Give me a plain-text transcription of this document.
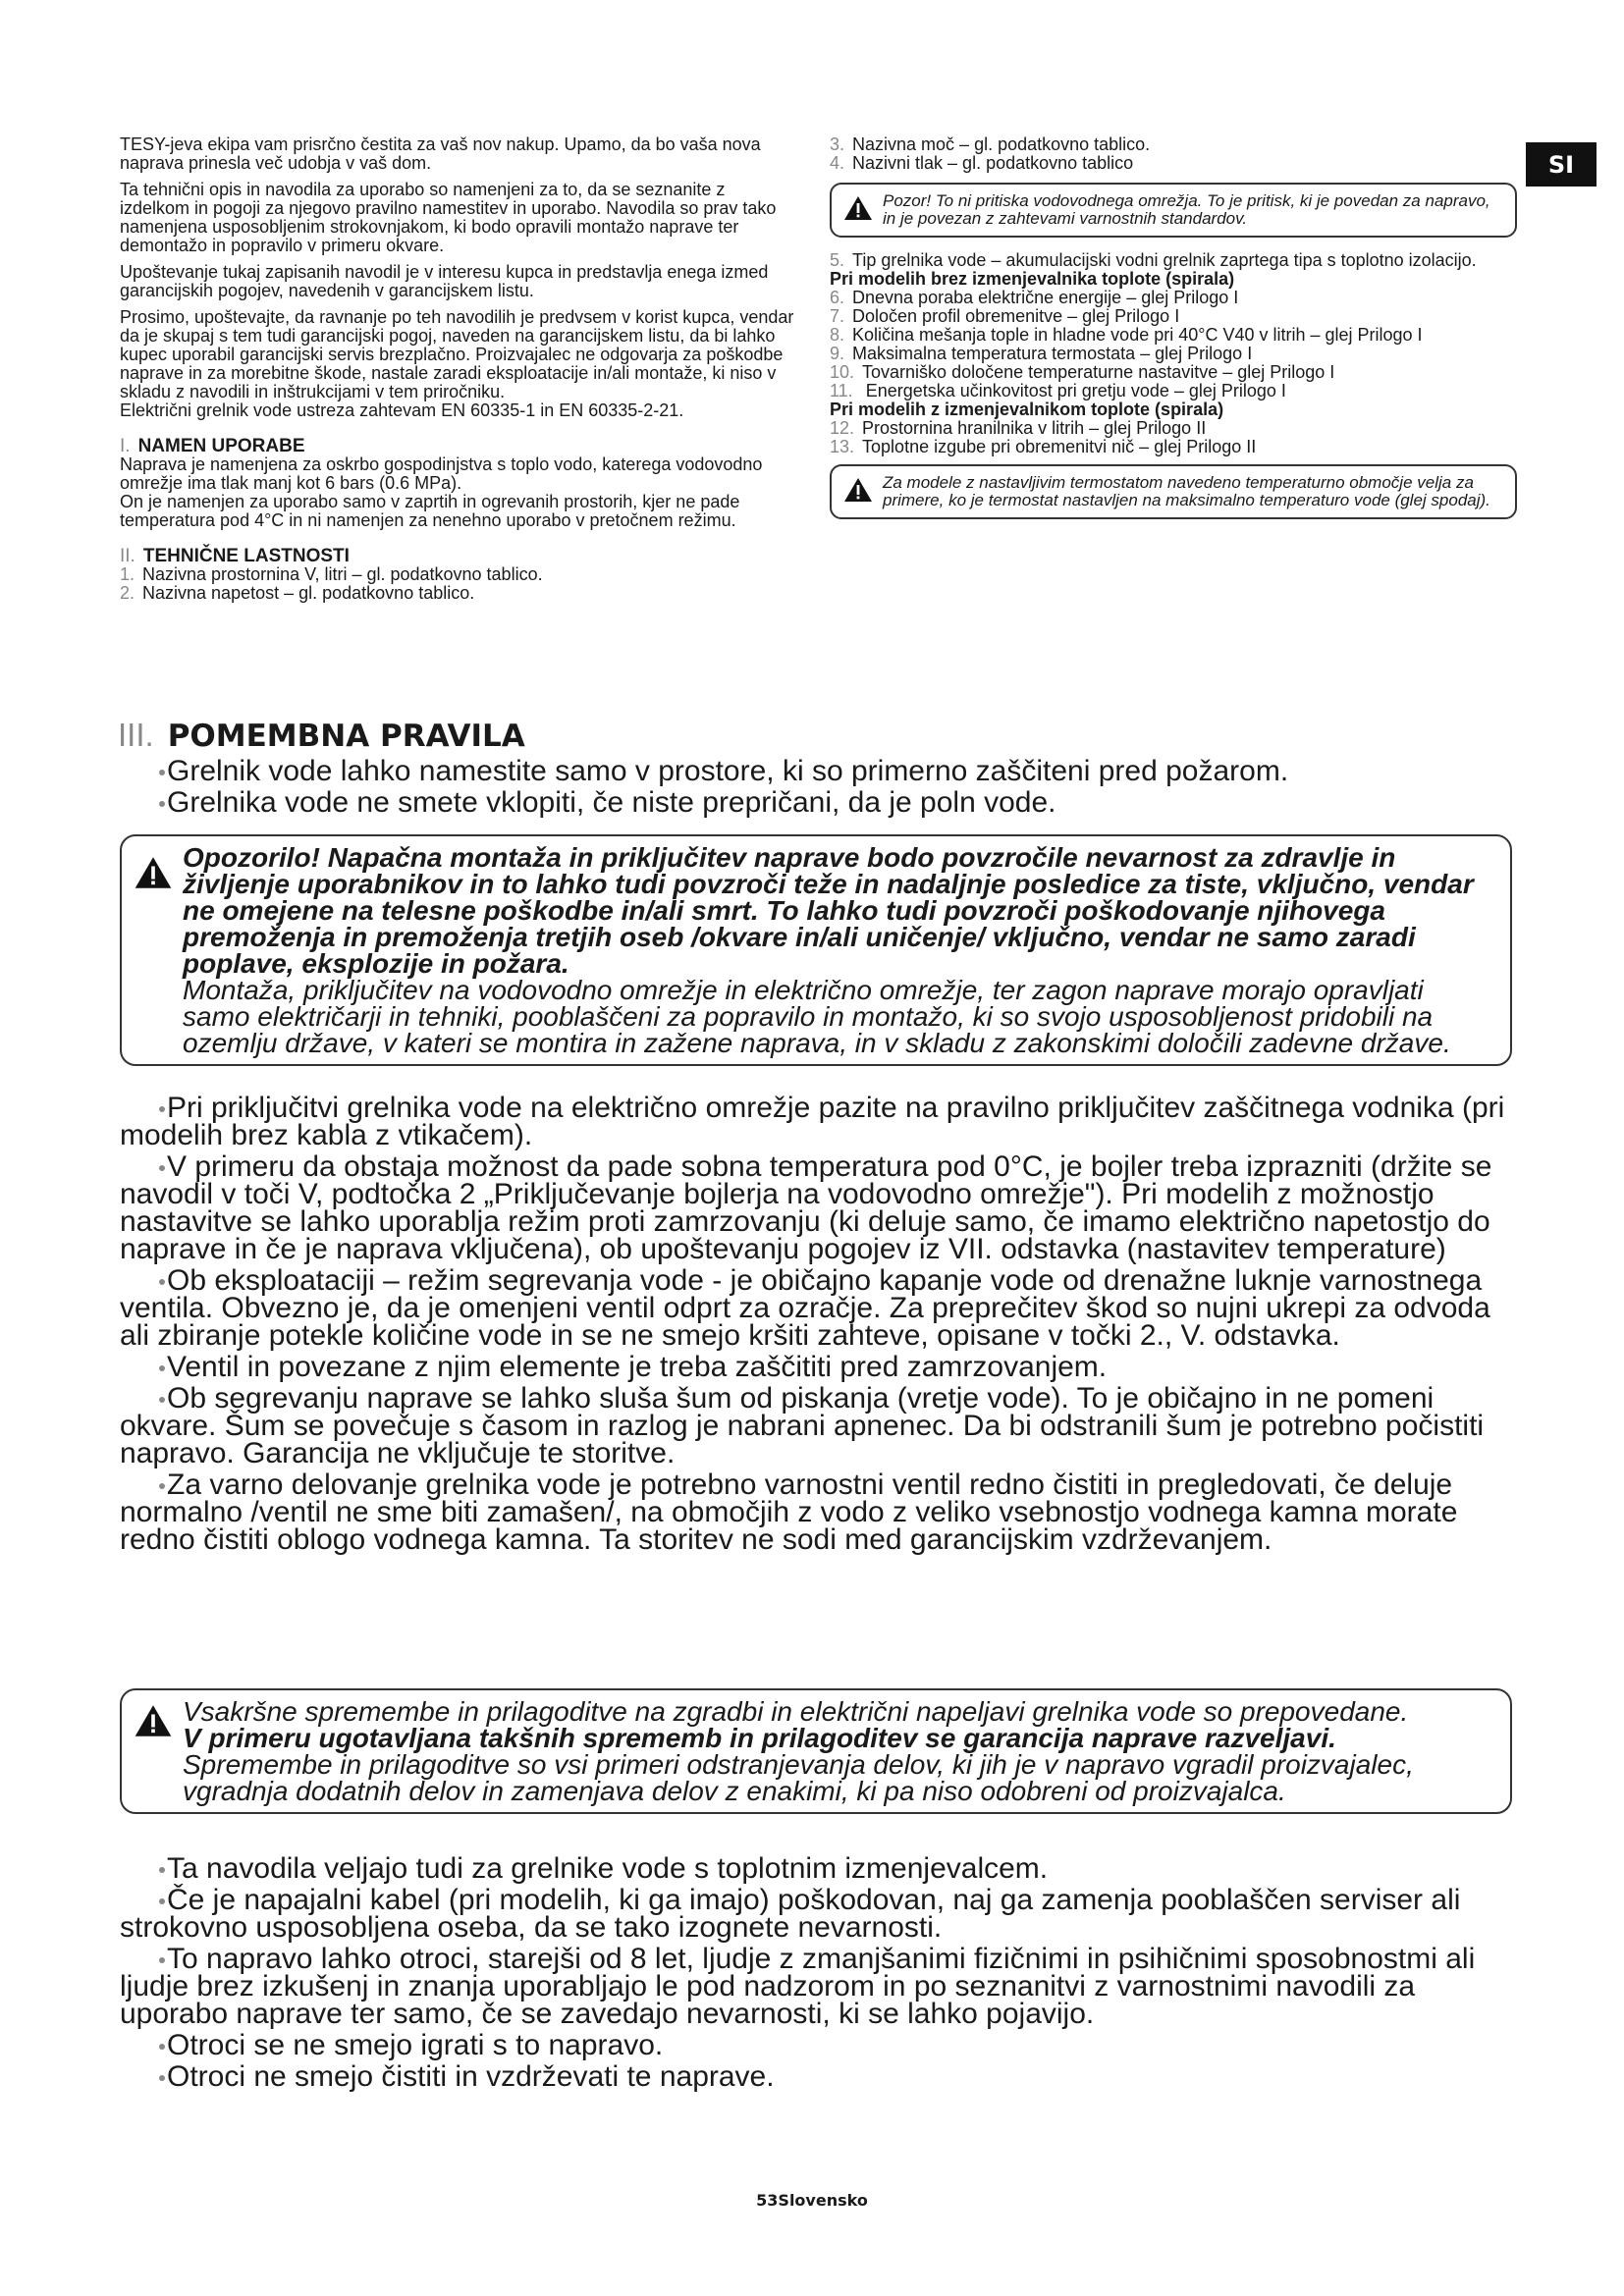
SI

TESY-jeva ekipa vam prisrčno čestita za vaš nov nakup. Upamo, da bo vaša nova naprava prinesla več udobja v vaš dom.

Ta tehnični opis in navodila za uporabo so namenjeni za to, da se seznanite z izdelkom in pogoji za njegovo pravilno namestitev in uporabo. Navodila so prav tako namenjena usposobljenim strokovnjakom, ki bodo opravili montažo naprave ter demontažo in popravilo v primeru okvare.

Upoštevanje tukaj zapisanih navodil je v interesu kupca in predstavlja enega izmed garancijskih pogojev, navedenih v garancijskem listu.

Prosimo, upoštevajte, da ravnanje po teh navodilih je predvsem v korist kupca, vendar da je skupaj s tem tudi garancijski pogoj, naveden na garancijskem listu, da bi lahko kupec uporabil garancijski servis brezplačno. Proizvajalec ne odgovarja za poškodbe naprave in za morebitne škode, nastale zaradi eksploatacije in/ali montaže, ki niso v skladu z navodili in inštrukcijami v tem priročniku.

Električni grelnik vode ustreza zahtevam EN 60335-1 in EN 60335-2-21.

I. NAMEN UPORABE

Naprava je namenjena za oskrbo gospodinjstva s toplo vodo, katerega vodovodno omrežje ima tlak manj kot 6 bars (0.6 MPa).

On je namenjen za uporabo samo v zaprtih in ogrevanih prostorih, kjer ne pade temperatura pod 4°C in ni namenjen za nenehno uporabo v pretočnem režimu.

II. TEHNIČNE LASTNOSTI

1. Nazivna prostornina V, litri – gl. podatkovno tablico.

2. Nazivna napetost – gl. podatkovno tablico.

3. Nazivna moč – gl. podatkovno tablico.

4. Nazivni tlak – gl. podatkovno tablico

Pozor! To ni pritiska vodovodnega omrežja. To je pritisk, ki je povedan za napravo, in je povezan z zahtevami varnostnih standardov.

5. Tip grelnika vode – akumulacijski vodni grelnik zaprtega tipa s toplotno izolacijo.

Pri modelih brez izmenjevalnika toplote (spirala)

6. Dnevna poraba električne energije – glej Prilogo I

7. Določen profil obremenitve – glej Prilogo I

8. Količina mešanja tople in hladne vode pri 40°C V40 v litrih – glej Prilogo I

9. Maksimalna temperatura termostata – glej Prilogo I

10. Tovarniško določene temperaturne nastavitve – glej Prilogo I

11. Energetska učinkovitost pri gretju vode – glej Prilogo I

Pri modelih z izmenjevalnikom toplote (spirala)

12. Prostornina hranilnika v litrih – glej Prilogo II

13. Toplotne izgube pri obremenitvi nič – glej Prilogo II

Za modele z nastavljivim termostatom navedeno temperaturno območje velja za primere, ko je termostat nastavljen na maksimalno temperaturo vode (glej spodaj).
III. POMEMBNA PRAVILA

Grelnik vode lahko namestite samo v prostore, ki so primerno zaščiteni pred požarom.

Grelnika vode ne smete vklopiti, če niste prepričani, da je poln vode.

Opozorilo! Napačna montaža in priključitev naprave bodo povzročile nevarnost za zdravlje in življenje uporabnikov in to lahko tudi povzroči teže in nadaljnje posledice za tiste, vključno, vendar ne omejene na telesne poškodbe in/ali smrt. To lahko tudi povzroči poškodovanje njihovega premoženja in premoženja tretjih oseb /okvare in/ali uničenje/ vključno, vendar ne samo zaradi poplave, eksplozije in požara.
Montaža, priključitev na vodovodno omrežje in električno omrežje, ter zagon naprave morajo opravljati samo električarji in tehniki, pooblaščeni za popravilo in montažo, ki so svojo usposobljenost pridobili na ozemlju države, v kateri se montira in zažene naprava, in v skladu z zakonskimi določili zadevne države.

Pri priključitvi grelnika vode na električno omrežje pazite na pravilno priključitev zaščitnega vodnika (pri modelih brez kabla z vtikačem).

V primeru da obstaja možnost da pade sobna temperatura pod 0°C, je bojler treba izprazniti (držite se navodil v toči V, podtočka 2 „Priključevanje bojlerja na vodovodno omrežje"). Pri modelih z možnostjo nastavitve se lahko uporablja režim proti zamrzovanju (ki deluje samo, če imamo električno napetostjo do naprave in če je naprava vključena), ob upoštevanju pogojev iz VII. odstavka (nastavitev temperature)

Ob eksploataciji – režim segrevanja vode - je običajno kapanje vode od drenažne luknje varnostnega ventila. Obvezno je, da je omenjeni ventil odprt za ozračje. Za preprečitev škod so nujni ukrepi za odvoda ali zbiranje potekle količine vode in se ne smejo kršiti zahteve, opisane v točki 2., V. odstavka.

Ventil in povezane z njim elemente je treba zaščititi pred zamrzovanjem.

Ob segrevanju naprave se lahko sluša šum od piskanja (vretje vode). To je običajno in ne pomeni okvare. Šum se povečuje s časom in razlog je nabrani apnenec. Da bi odstranili šum je potrebno počistiti napravo. Garancija ne vključuje te storitve.

Za varno delovanje grelnika vode je potrebno varnostni ventil redno čistiti in pregledovati, če deluje normalno /ventil ne sme biti zamašen/, na območjih z vodo z veliko vsebnostjo vodnega kamna morate redno čistiti oblogo vodnega kamna. Ta storitev ne sodi med garancijskim vzdrževanjem.

Vsakršne spremembe in prilagoditve na zgradbi in električni napeljavi grelnika vode so prepovedane.
V primeru ugotavljana takšnih sprememb in prilagoditev se garancija naprave razveljavi.
Spremembe in prilagoditve so vsi primeri odstranjevanja delov, ki jih je v napravo vgradil proizvajalec, vgradnja dodatnih delov in zamenjava delov z enakimi, ki pa niso odobreni od proizvajalca.

Ta navodila veljajo tudi za grelnike vode s toplotnim izmenjevalcem.

Če je napajalni kabel (pri modelih, ki ga imajo) poškodovan, naj ga zamenja pooblaščen serviser ali strokovno usposobljena oseba, da se tako izognete nevarnosti.

To napravo lahko otroci, starejši od 8 let, ljudje z zmanjšanimi fizičnimi in psihičnimi sposobnostmi ali ljudje brez izkušenj in znanja uporabljajo le pod nadzorom in po seznanitvi z varnostnimi navodili za uporabo naprave ter samo, če se zavedajo nevarnosti, ki se lahko pojavijo.

Otroci se ne smejo igrati s to napravo.

Otroci ne smejo čistiti in vzdrževati te naprave.

53Slovensko
